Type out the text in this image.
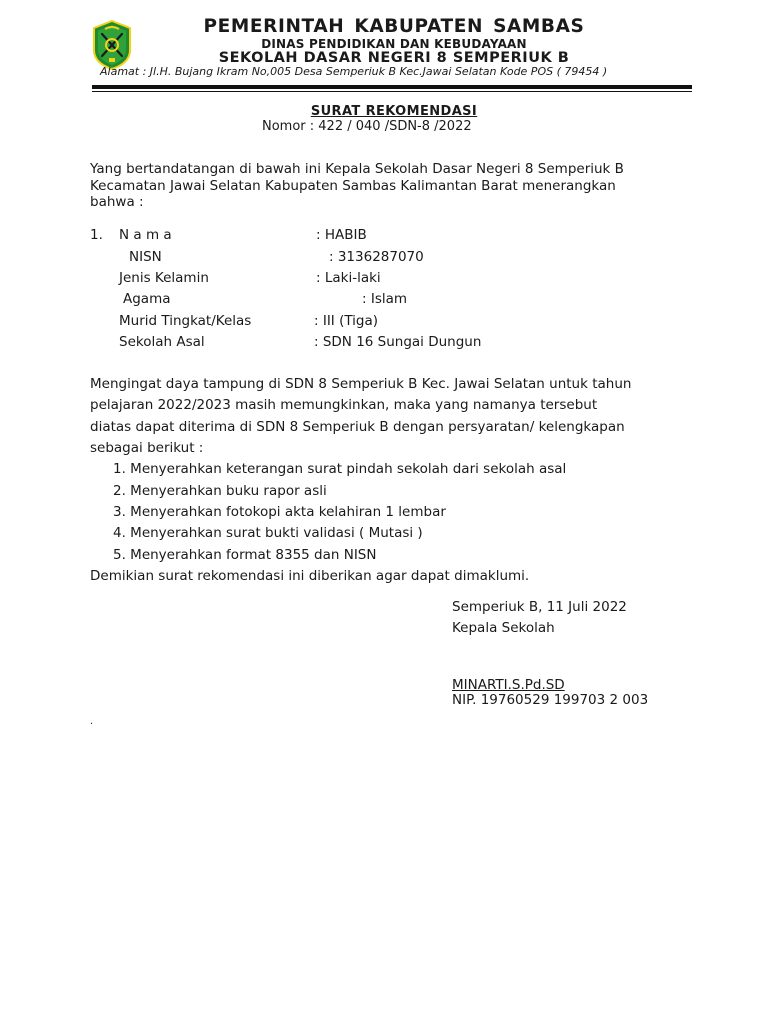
PEMERINTAH KABUPATEN SAMBAS
DINAS PENDIDIKAN DAN KEBUDAYAAN
SEKOLAH DASAR NEGERI 8 SEMPERIUK B
Alamat : Jl.H. Bujang Ikram No,005 Desa Semperiuk B Kec.Jawai Selatan Kode POS ( 79454 )
SURAT REKOMENDASI
Nomor : 422 / 040 /SDN-8 /2022
Yang bertandatangan di bawah ini Kepala Sekolah Dasar Negeri 8 Semperiuk B
Kecamatan Jawai Selatan Kabupaten Sambas Kalimantan Barat menerangkan
bahwa :
1. N a m a	: HABIB
NISN	: 3136287070
Jenis Kelamin	: Laki-laki
Agama	: Islam
Murid Tingkat/Kelas	: III (Tiga)
Sekolah Asal	: SDN 16 Sungai Dungun
Mengingat daya tampung di SDN 8 Semperiuk B Kec. Jawai Selatan untuk tahun
pelajaran 2022/2023 masih memungkinkan, maka yang namanya tersebut
diatas dapat diterima di SDN 8 Semperiuk B dengan persyaratan/ kelengkapan
sebagai berikut :
1. Menyerahkan keterangan surat pindah sekolah dari sekolah asal
2. Menyerahkan buku rapor asli
3. Menyerahkan fotokopi akta kelahiran 1 lembar
4. Menyerahkan surat bukti validasi ( Mutasi )
5. Menyerahkan format 8355 dan NISN
Demikian surat rekomendasi ini diberikan agar dapat dimaklumi.
Semperiuk B, 11 Juli 2022
Kepala Sekolah
MINARTI.S.Pd.SD
NIP. 19760529 199703 2 003
.
